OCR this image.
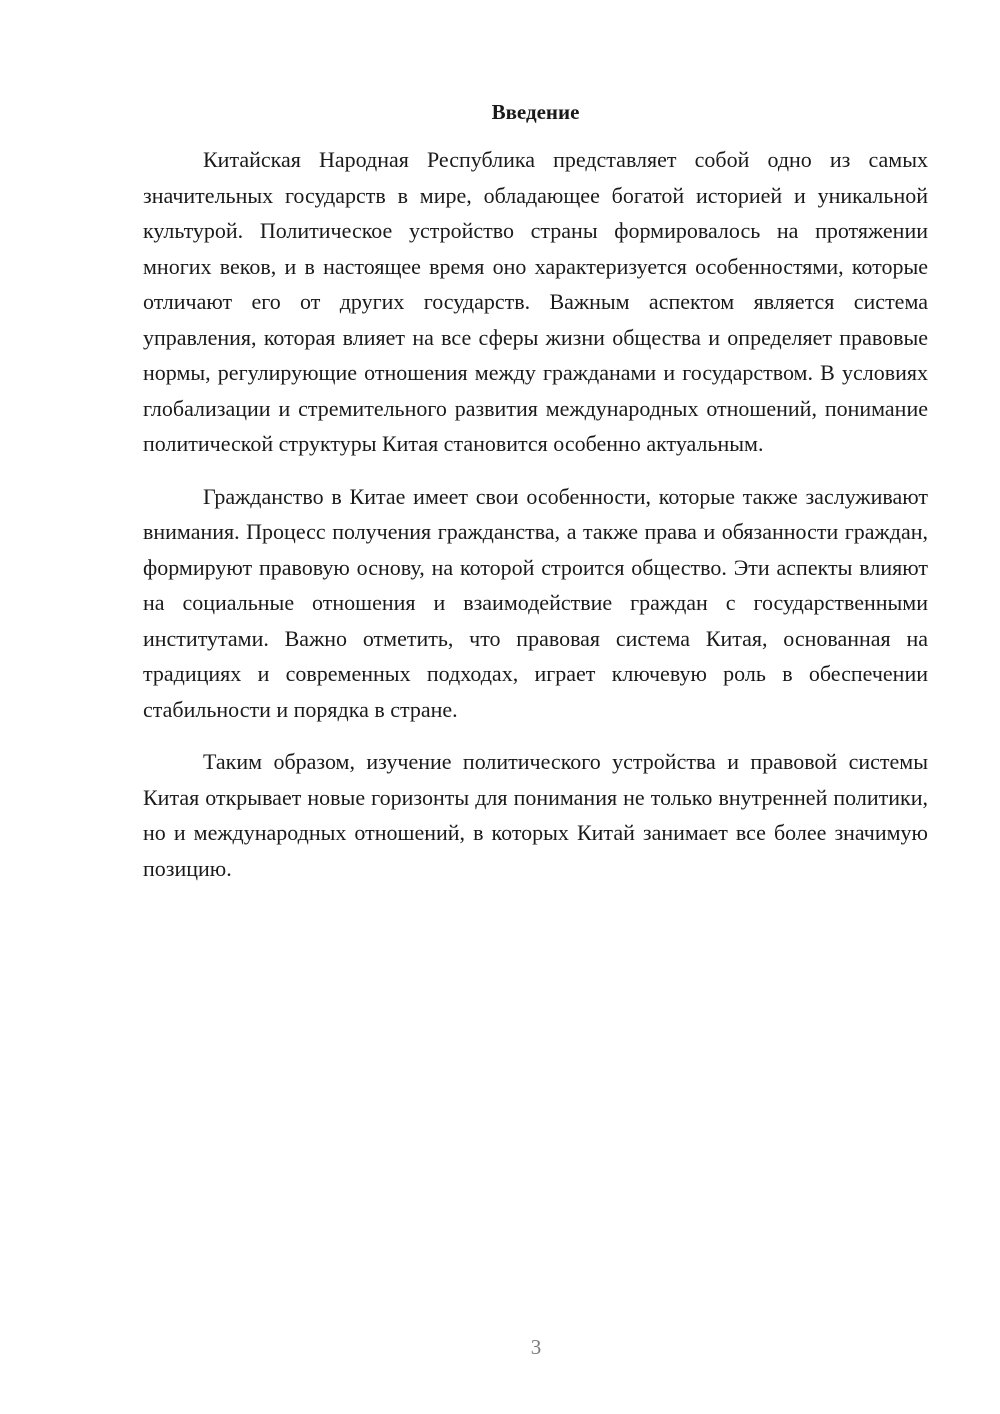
Введение

Китайская Народная Республика представляет собой одно из самых значительных государств в мире, обладающее богатой историей и уникальной культурой. Политическое устройство страны формировалось на протяжении многих веков, и в настоящее время оно характеризуется особенностями, которые отличают его от других государств. Важным аспектом является система управления, которая влияет на все сферы жизни общества и определяет правовые нормы, регулирующие отношения между гражданами и государством. В условиях глобализации и стремительного развития международных отношений, понимание политической структуры Китая становится особенно актуальным.

Гражданство в Китае имеет свои особенности, которые также заслуживают внимания. Процесс получения гражданства, а также права и обязанности граждан, формируют правовую основу, на которой строится общество. Эти аспекты влияют на социальные отношения и взаимодействие граждан с государственными институтами. Важно отметить, что правовая система Китая, основанная на традициях и современных подходах, играет ключевую роль в обеспечении стабильности и порядка в стране.

Таким образом, изучение политического устройства и правовой системы Китая открывает новые горизонты для понимания не только внутренней политики, но и международных отношений, в которых Китай занимает все более значимую позицию.

3
